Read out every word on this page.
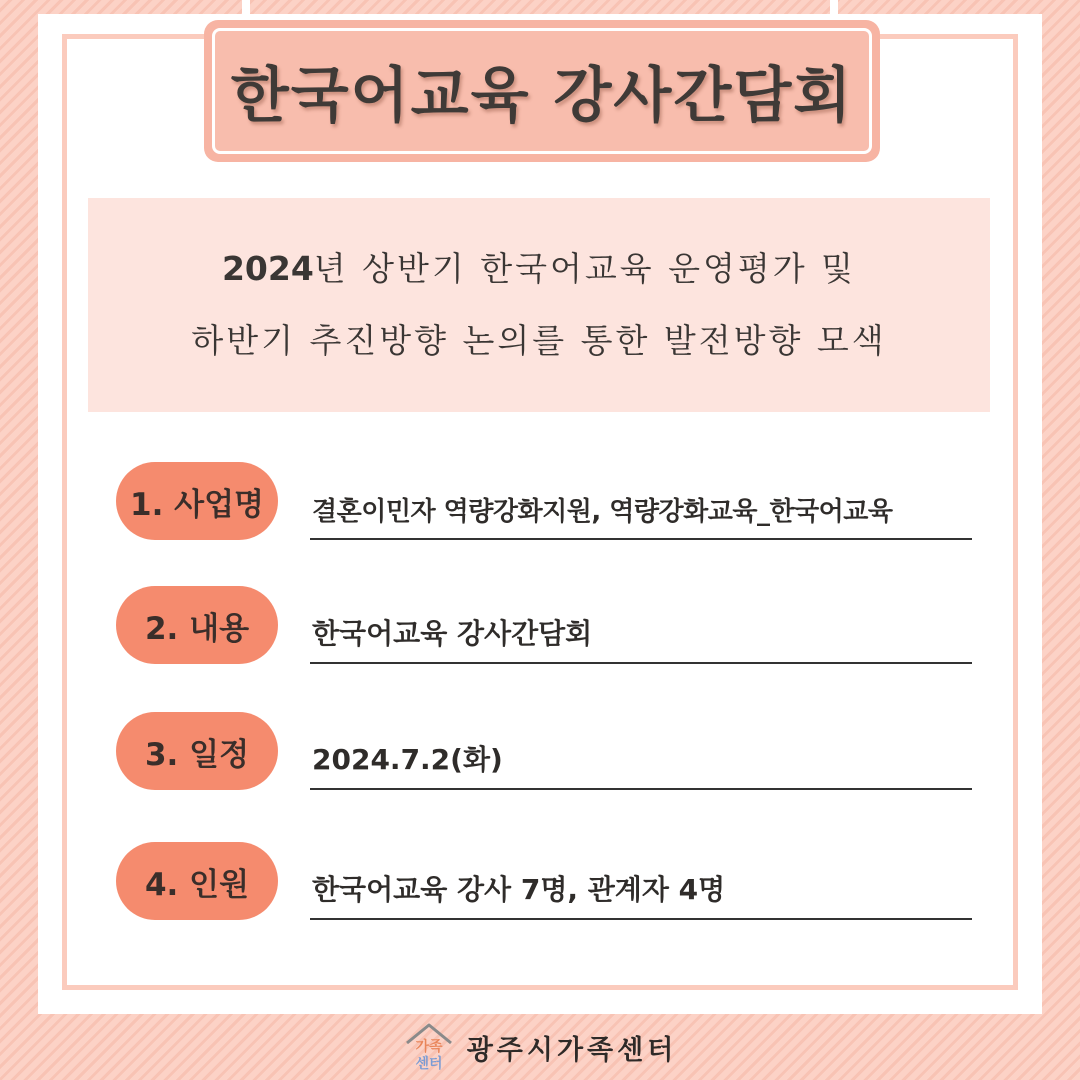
한국어교육 강사간담회
2024년 상반기 한국어교육 운영평가 및
하반기 추진방향 논의를 통한 발전방향 모색
1. 사업명	결혼이민자 역량강화지원, 역량강화교육_한국어교육
2. 내용	한국어교육 강사간담회
3. 일정	2024.7.2(화)
4. 인원	한국어교육 강사 7명, 관계자 4명
가족
센터 광주시가족센터
